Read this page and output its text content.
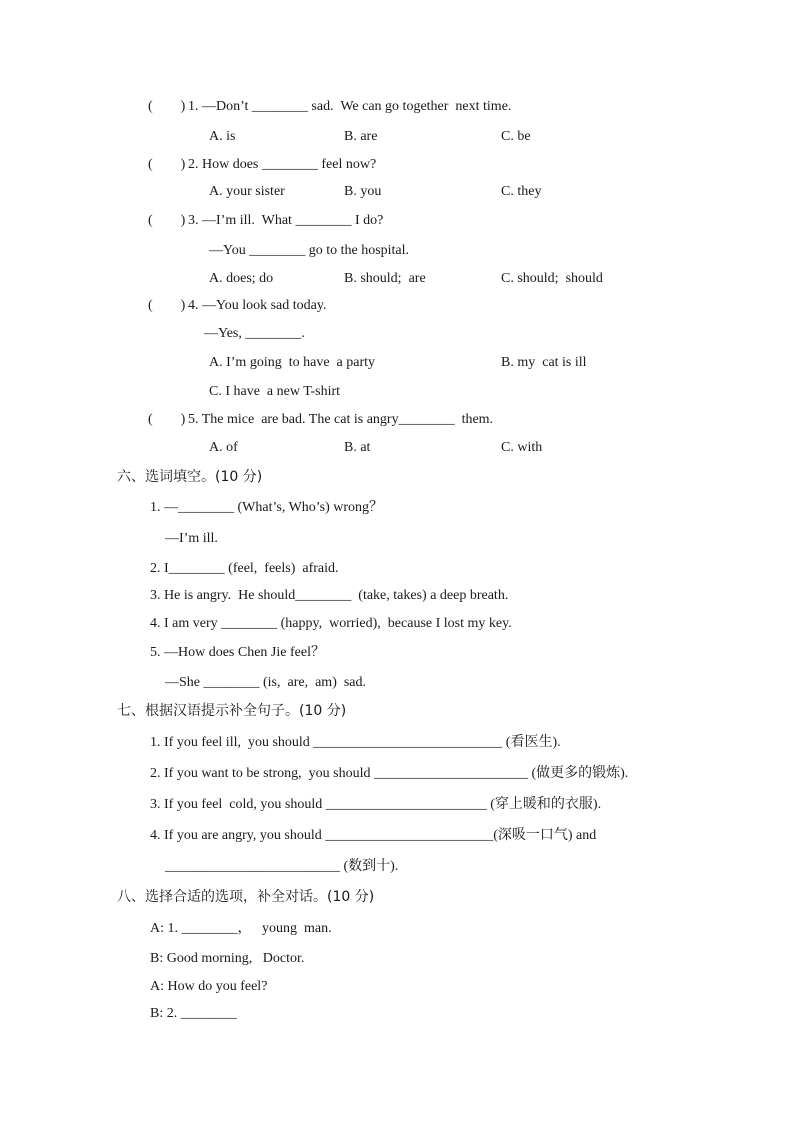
(        ) 1. —Don’t ________ sad.  We can go together  next time.
A. is	B. are	C. be
(        ) 2. How does ________ feel now?
A. your sister	B. you	C. they
(        ) 3. —I’m ill.  What ________ I do?
—You ________ go to the hospital.
A. does; do	B. should;  are	C. should;  should
(        ) 4. —You look sad today.
—Yes, ________.
A. I’m going  to have  a party	B. my  cat is ill
C. I have  a new T-shirt
(        ) 5. The mice  are bad. The cat is angry________  them.
A. of	B. at	C. with
六、选词填空。(10 分)
1. —________ (What’s, Who’s) wrong？
—I’m ill.
2. I________ (feel,  feels)  afraid.
3. He is angry.  He should________  (take, takes) a deep breath.
4. I am very ________ (happy,  worried),  because I lost my key.
5. —How does Chen Jie feel？
—She ________ (is,  are,  am)  sad.
七、根据汉语提示补全句子。(10 分)
1. If you feel ill,  you should ___________________________ (看医生).
2. If you want to be strong,  you should ______________________ (做更多的锻炼).
3. If you feel  cold, you should _______________________ (穿上暖和的衣服).
4. If you are angry, you should ________________________(深吸一口气) and
_________________________ (数到十).
八、选择合适的选项，补全对话。(10 分)
A: 1. ________，   young  man.
B: Good morning,   Doctor.
A: How do you feel?
B: 2. ________
